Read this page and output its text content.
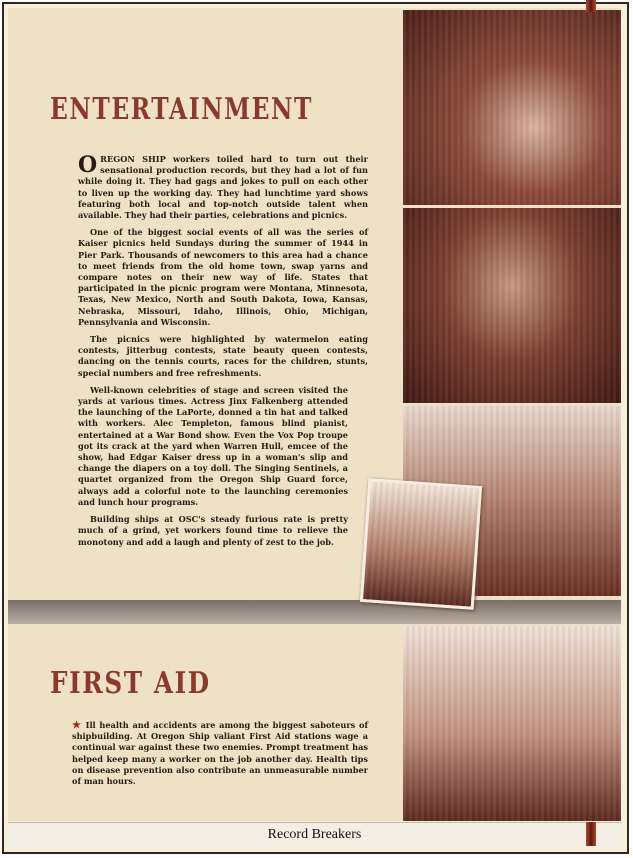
ENTERTAINMENT

OREGON SHIP workers toiled hard to turn out their sensational production records, but they had a lot of fun while doing it. They had gags and jokes to pull on each other to liven up the working day. They had lunchtime yard shows featuring both local and top-notch outside talent when available. They had their parties, celebrations and picnics.

One of the biggest social events of all was the series of Kaiser picnics held Sundays during the summer of 1944 in Pier Park. Thousands of newcomers to this area had a chance to meet friends from the old home town, swap yarns and compare notes on their new way of life. States that participated in the picnic program were Montana, Minnesota, Texas, New Mexico, North and South Dakota, Iowa, Kansas, Nebraska, Missouri, Idaho, Illinois, Ohio, Michigan, Pennsylvania and Wisconsin.

The picnics were highlighted by watermelon eating contests, jitterbug contests, state beauty queen contests, dancing on the tennis courts, races for the children, stunts, special numbers and free refreshments.

Well-known celebrities of stage and screen visited the yards at various times. Actress Jinx Falkenberg attended the launching of the LaPorte, donned a tin hat and talked with workers. Alec Templeton, famous blind pianist, entertained at a War Bond show. Even the Vox Pop troupe got its crack at the yard when Warren Hull, emcee of the show, had Edgar Kaiser dress up in a woman's slip and change the diapers on a toy doll. The Singing Sentinels, a quartet organized from the Oregon Ship Guard force, always add a colorful note to the launching ceremonies and lunch hour programs.

Building ships at OSC's steady furious rate is pretty much of a grind, yet workers found time to relieve the monotony and add a laugh and plenty of zest to the job.

FIRST AID

★ Ill health and accidents are among the biggest saboteurs of shipbuilding. At Oregon Ship valiant First Aid stations wage a continual war against these two enemies. Prompt treatment has helped keep many a worker on the job another day. Health tips on disease prevention also contribute an unmeasurable number of man hours.

Record Breakers
